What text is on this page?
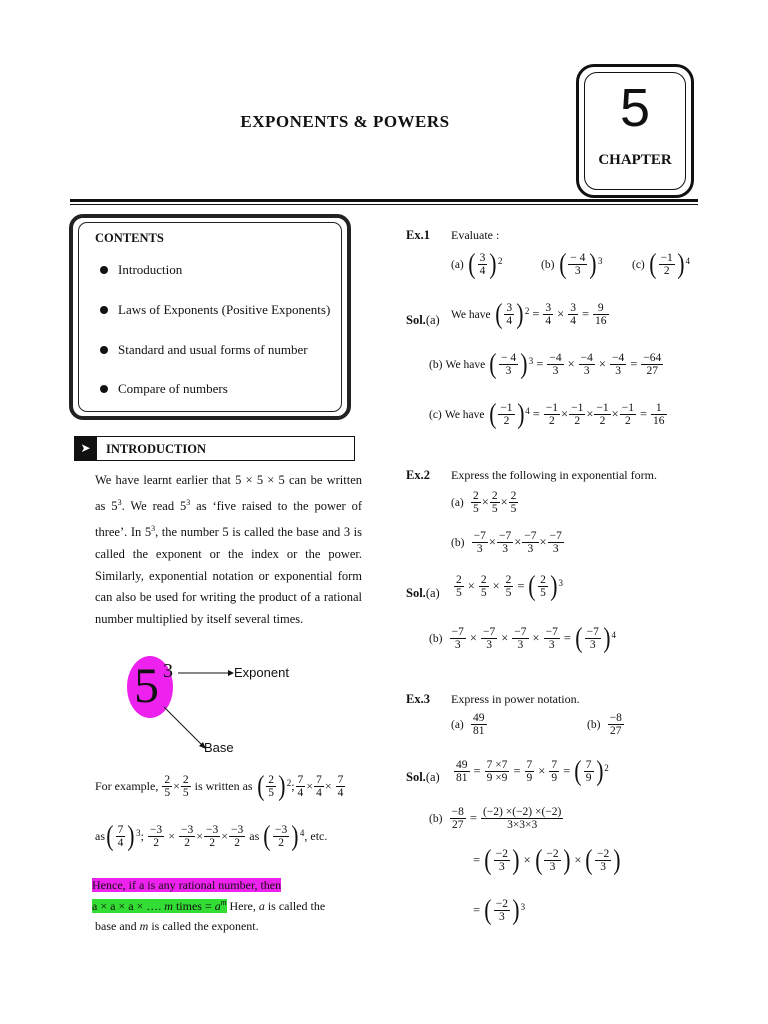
EXPONENTS & POWERS	5
CHAPTER
CONTENTS
Introduction
Laws of Exponents (Positive Exponents)
Standard and usual forms of number
Compare of numbers
➤	INTRODUCTION
We have learnt earlier that 5 × 5 × 5 can be written as $5^3$. We read $5^3$ as ‘five raised to the power of three’. In $5^3$, the number 5 is called the base and 3 is called the exponent or the index or the power. Similarly, exponential notation or exponential form can also be used for writing the product of a rational number multiplied by itself several times.
5 3	Exponent
Base
For example,
2
5 × 2
5
is written as
( 2
5 ) 2 ; 7
4 × 7
4 × 7
4
as ( 7
4 ) 3 ; −3
2 × −3
2 × −3
2 × −3
2
as
( −3
2 ) 4 , etc.
Hence, if a is any rational number, then
a × a × a × …. m times = $a^m$ Here, a is called the
base and m is called the exponent.
Ex.1 Evaluate :
(a)
( 3
4 ) 2	(b)
( − 4
3 ) 3	(c)
( −1
2 ) 4
Sol.(a) We have
( 3
4 ) $2 = \frac{3}{4} \times \frac{3}{4} = \frac{9}{16}$
(b)
We have
( − 4
3 ) $3 = \frac{-4}{3} \times \frac{-4}{3} \times \frac{-4}{3} = \frac{-64}{27}$
(c)
We have
( −1
2 ) $4 = \frac{-1}{2} \times -1$
2 × −1
$2 \times \frac{-1}{2} = \frac{1}{16}$
Ex.2 Express the following in exponential form.
(a)

2
5 × 2
5 × 2
5
(b)

−7
3 × −7
3 × −7
3 × −7
3
$Sol.(a) \frac{2}{5} \times \frac{2}{5} \times \frac{2}{5}$ = ( 2
5 ) 3
(b)
$\frac{-7}{3} \times \frac{-7}{3} \times \frac{-7}{3} \times \frac{-7}{3}$ = ( −7
3 ) 4
Ex.3 Express in power notation.
(a)

49
81
(b)

−8
27
$Sol.(a) \frac{49}{81} = \frac{7 \times 7}{9 \times 9} = \frac{7}{9} \times \frac{7}{9}$ = ( 7
9 ) 2
(b)
$\frac{-8}{27} = \frac{(-2) \times(-2) \times(-2)}{3\times 3\times 3}$
= ( −2
3 ) × ( −2
3 ) × ( −2
3 )
= ( −2
3 ) 3
